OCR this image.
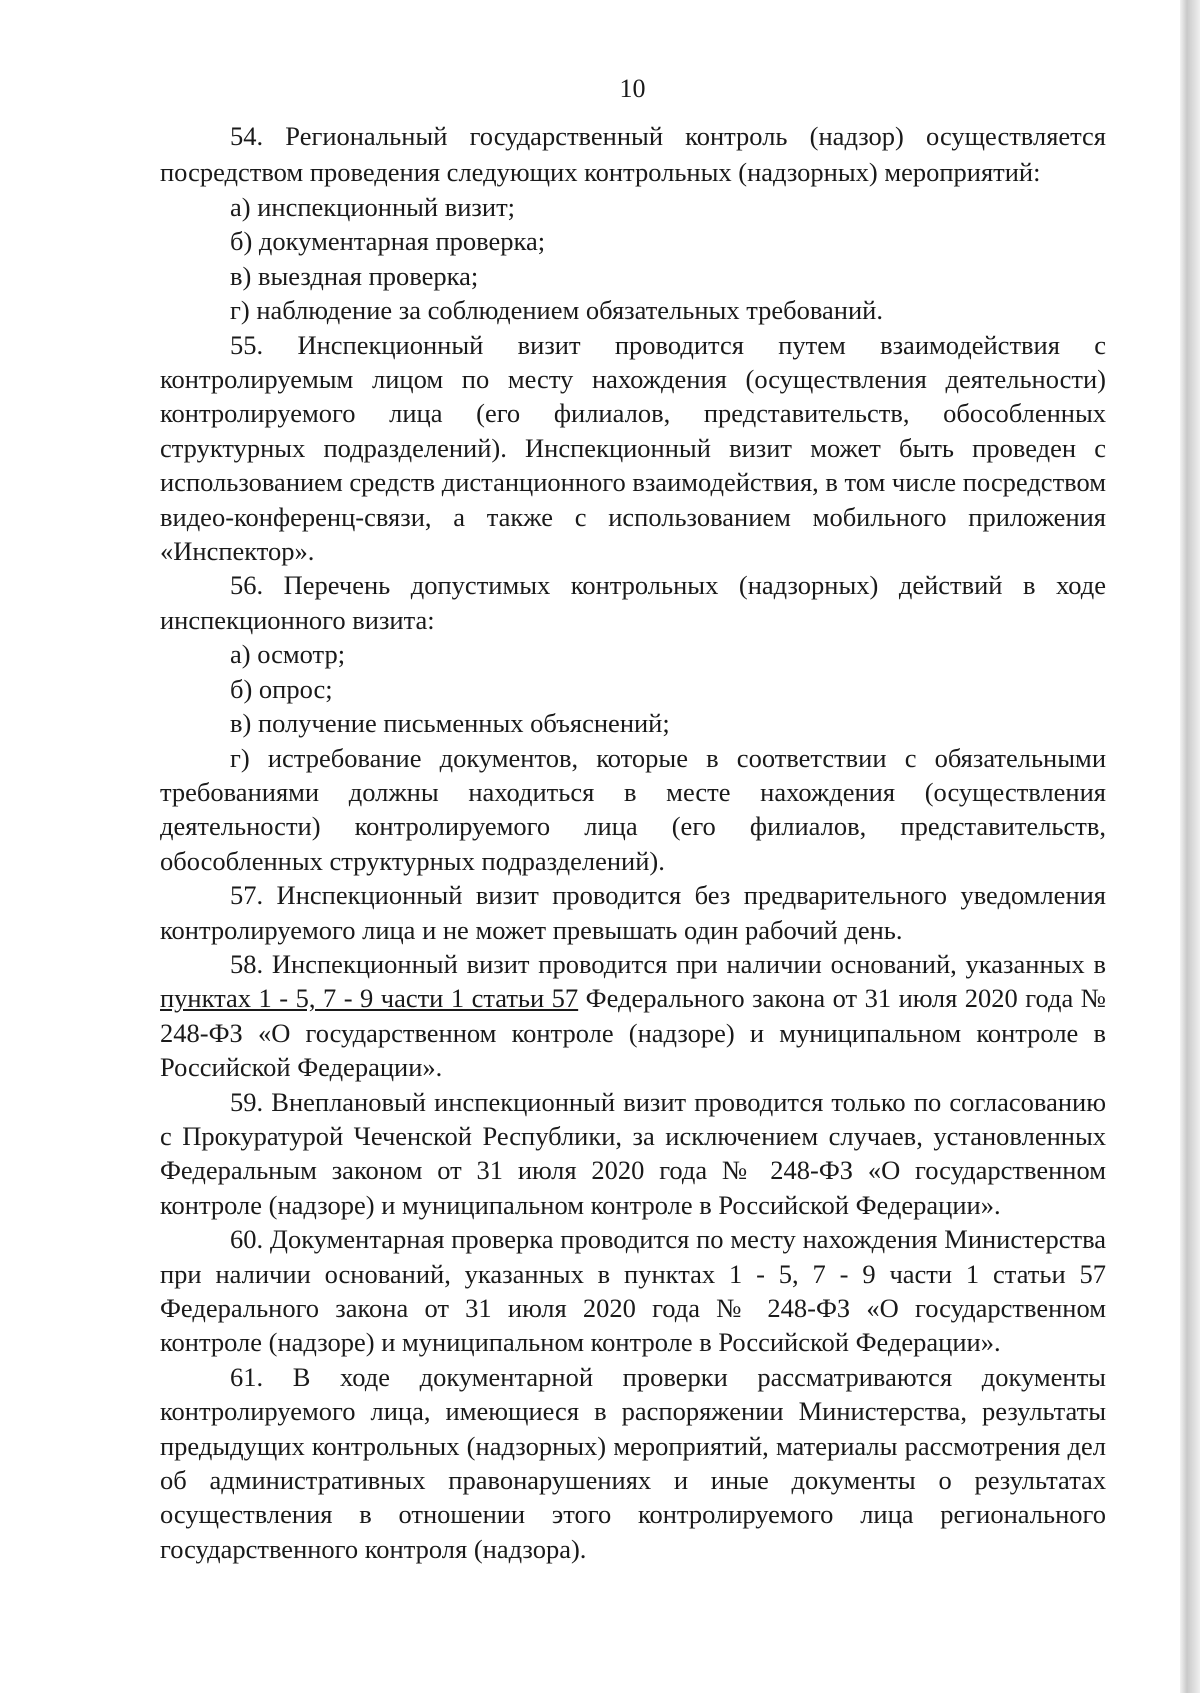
10

54. Региональный государственный контроль (надзор) осуществляется посредством проведения следующих контрольных (надзорных) мероприятий:

а) инспекционный визит;

б) документарная проверка;

в) выездная проверка;

г) наблюдение за соблюдением обязательных требований.

55. Инспекционный визит проводится путем взаимодействия с контролируемым лицом по месту нахождения (осуществления деятельности) контролируемого лица (его филиалов, представительств, обособленных структурных подразделений). Инспекционный визит может быть проведен с использованием средств дистанционного взаимодействия, в том числе посредством видео-конференц-связи, а также с использованием мобильного приложения «Инспектор».

56. Перечень допустимых контрольных (надзорных) действий в ходе инспекционного визита:

а) осмотр;

б) опрос;

в) получение письменных объяснений;

г) истребование документов, которые в соответствии с обязательными требованиями должны находиться в месте нахождения (осуществления деятельности) контролируемого лица (его филиалов, представительств, обособленных структурных подразделений).

57. Инспекционный визит проводится без предварительного уведомления контролируемого лица и не может превышать один рабочий день.

58. Инспекционный визит проводится при наличии оснований, указанных в пунктах 1 - 5, 7 - 9 части 1 статьи 57 Федерального закона от 31 июля 2020 года № 248-ФЗ «О государственном контроле (надзоре) и муниципальном контроле в Российской Федерации».

59. Внеплановый инспекционный визит проводится только по согласованию с Прокуратурой Чеченской Республики, за исключением случаев, установленных Федеральным законом от 31 июля 2020 года № 248-ФЗ «О государственном контроле (надзоре) и муниципальном контроле в Российской Федерации».

60. Документарная проверка проводится по месту нахождения Министерства при наличии оснований, указанных в пунктах 1 - 5, 7 - 9 части 1 статьи 57 Федерального закона от 31 июля 2020 года № 248-ФЗ «О государственном контроле (надзоре) и муниципальном контроле в Российской Федерации».

61. В ходе документарной проверки рассматриваются документы контролируемого лица, имеющиеся в распоряжении Министерства, результаты предыдущих контрольных (надзорных) мероприятий, материалы рассмотрения дел об административных правонарушениях и иные документы о результатах осуществления в отношении этого контролируемого лица регионального государственного контроля (надзора).
